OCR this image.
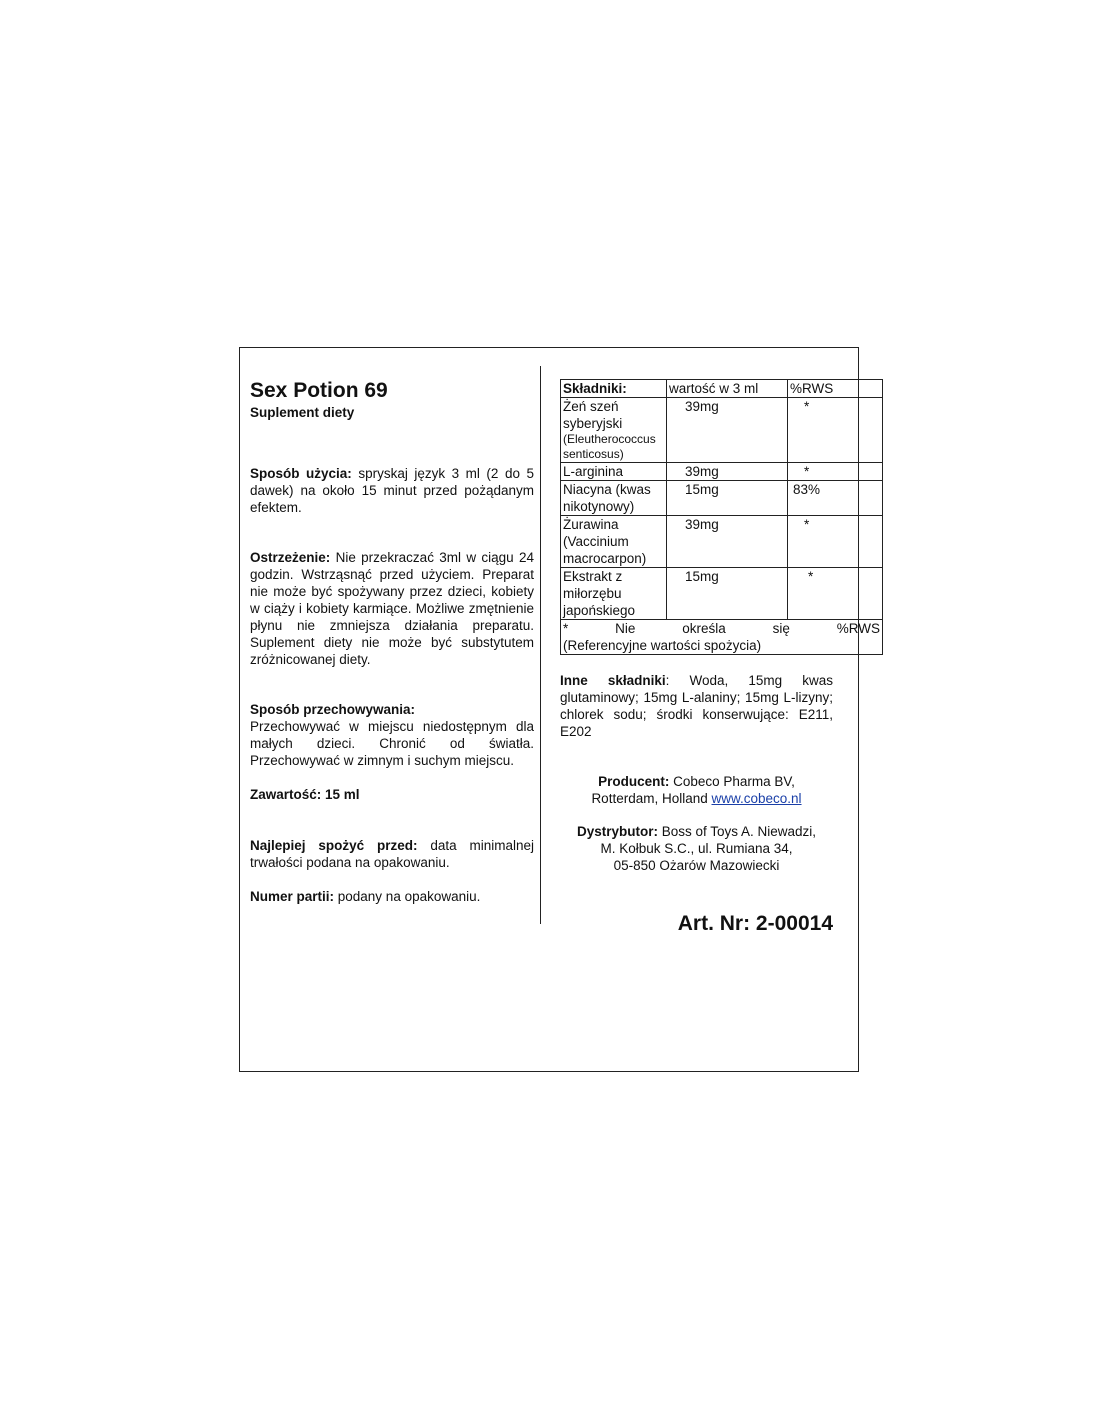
Sex Potion 69

Suplement diety

Sposób użycia: spryskaj język 3 ml (2 do 5 dawek) na około 15 minut przed pożądanym efektem.

Ostrzeżenie: Nie przekraczać 3ml w ciągu 24 godzin. Wstrząsnąć przed użyciem. Preparat nie może być spożywany przez dzieci, kobiety w ciąży i kobiety karmiące. Możliwe zmętnienie płynu nie zmniejsza działania preparatu. Suplement diety nie może być substytutem zróżnicowanej diety.

Sposób przechowywania:

Przechowywać w miejscu niedostępnym dla małych dzieci. Chronić od światła. Przechowywać w zimnym i suchym miejscu.

Zawartość: 15 ml

Najlepiej spożyć przed: data minimalnej trwałości podana na opakowaniu.

Numer partii: podany na opakowaniu.

Składniki:	wartość w 3 ml	%RWS

Żeń szeń syberyjski
(Eleutherococcus senticosus)	39mg	*
L-arginina	39mg	*
Niacyna (kwas nikotynowy)	15mg	83%
Żurawina (Vaccinium macrocarpon)	39mg	*
Ekstrakt z miłorzębu japońskiego	15mg	*

* Nie określa się %RWS
(Referencyjne wartości spożycia)		
Inne składniki: Woda, 15mg kwas glutaminowy; 15mg L-alaniny; 15mg L-lizyny; chlorek sodu; środki konserwujące: E211, E202
Producent: Cobeco Pharma BV,
Rotterdam, Holland www.cobeco.nl
Dystrybutor: Boss of Toys A. Niewadzi,
M. Kołbuk S.C., ul. Rumiana 34,
05-850 Ożarów Mazowiecki
Art. Nr: 2-00014
